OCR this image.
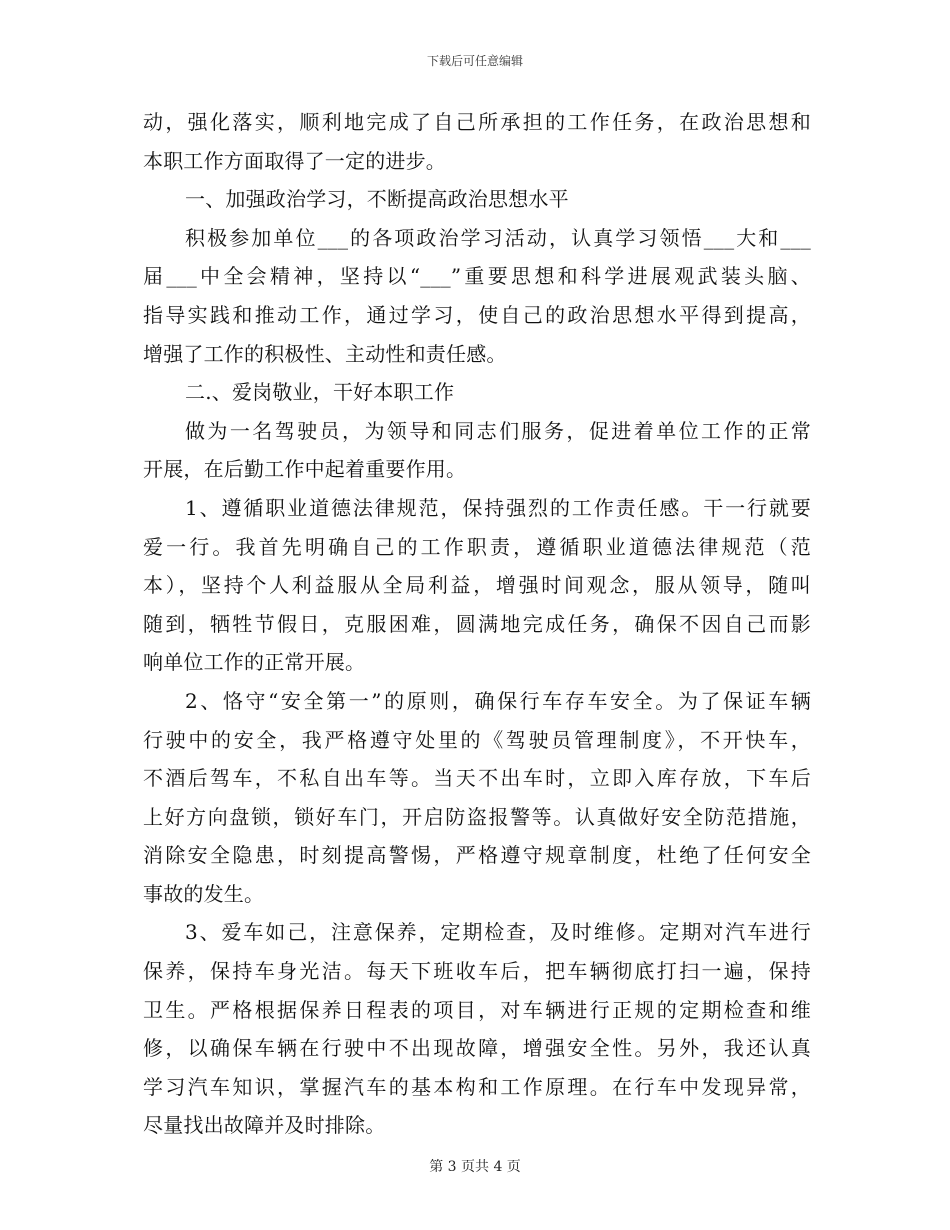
下载后可任意编辑
动，强化落实，顺利地完成了自己所承担的工作任务，在政治思想和
本职工作方面取得了一定的进步。
一、加强政治学习，不断提高政治思想水平
积极参加单位___的各项政治学习活动，认真学习领悟___大和___
届___中全会精神，坚持以“___”重要思想和科学进展观武装头脑、
指导实践和推动工作，通过学习，使自己的政治思想水平得到提高，
增强了工作的积极性、主动性和责任感。
二.、爱岗敬业，干好本职工作
做为一名驾驶员，为领导和同志们服务，促进着单位工作的正常
开展，在后勤工作中起着重要作用。
1、遵循职业道德法律规范，保持强烈的工作责任感。干一行就要
爱一行。我首先明确自己的工作职责，遵循职业道德法律规范（范
本），坚持个人利益服从全局利益，增强时间观念，服从领导，随叫
随到，牺牲节假日，克服困难，圆满地完成任务，确保不因自己而影
响单位工作的正常开展。
2、恪守“安全第一”的原则，确保行车存车安全。为了保证车辆
行驶中的安全，我严格遵守处里的《驾驶员管理制度》，不开快车，
不酒后驾车，不私自出车等。当天不出车时，立即入库存放，下车后
上好方向盘锁，锁好车门，开启防盗报警等。认真做好安全防范措施，
消除安全隐患，时刻提高警惕，严格遵守规章制度，杜绝了任何安全
事故的发生。
3、爱车如己，注意保养，定期检查，及时维修。定期对汽车进行
保养，保持车身光洁。每天下班收车后，把车辆彻底打扫一遍，保持
卫生。严格根据保养日程表的项目，对车辆进行正规的定期检查和维
修，以确保车辆在行驶中不出现故障，增强安全性。另外，我还认真
学习汽车知识，掌握汽车的基本构和工作原理。在行车中发现异常，
尽量找出故障并及时排除。
第 3 页共 4 页
